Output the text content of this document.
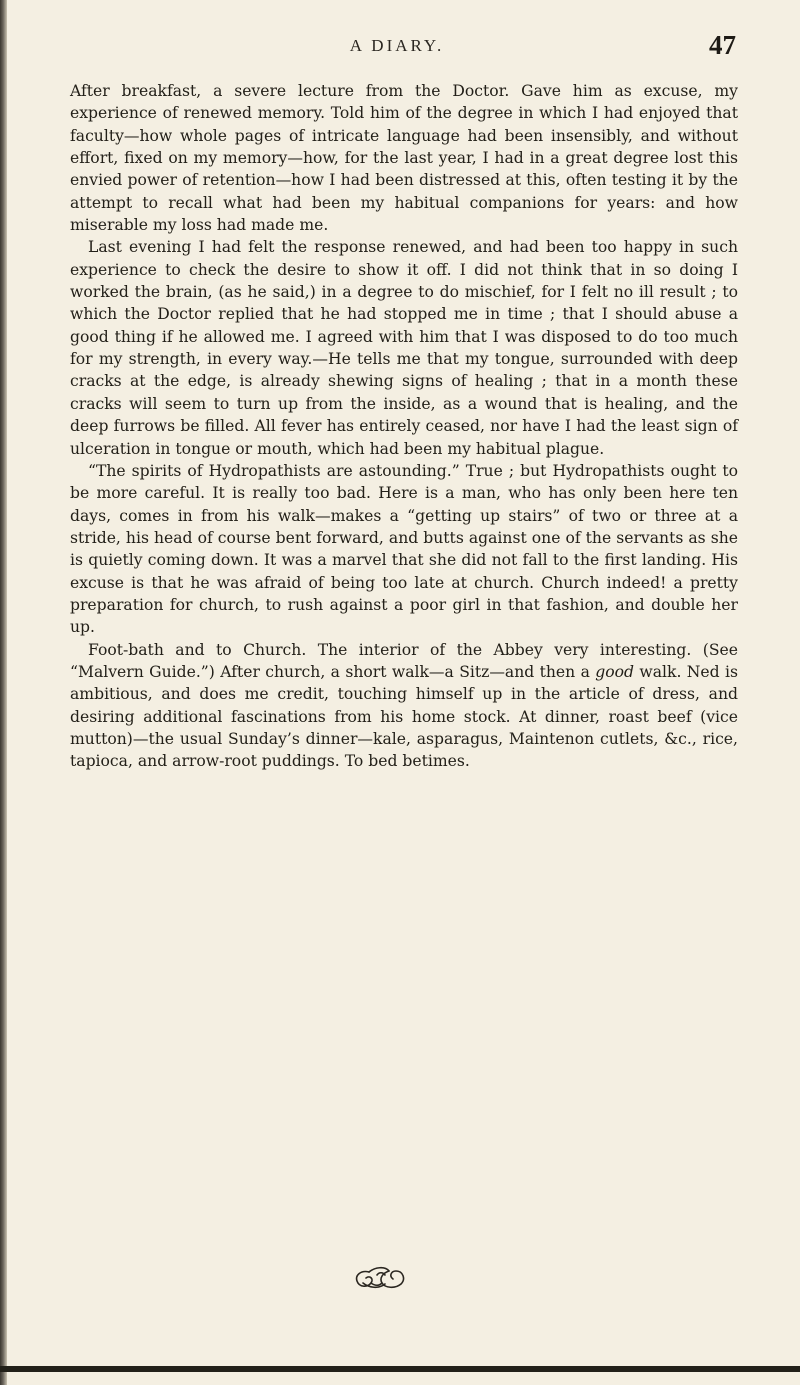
A DIARY.	47

After breakfast, a severe lecture from the Doctor. Gave him as excuse, my experience of renewed memory. Told him of the degree in which I had enjoyed that faculty—how whole pages of intricate language had been insensibly, and without effort, fixed on my memory—how, for the last year, I had in a great degree lost this envied power of retention—how I had been distressed at this, often testing it by the attempt to recall what had been my habitual companions for years: and how miserable my loss had made me.

Last evening I had felt the response renewed, and had been too happy in such experience to check the desire to show it off. I did not think that in so doing I worked the brain, (as he said,) in a degree to do mischief, for I felt no ill result ; to which the Doctor replied that he had stopped me in time ; that I should abuse a good thing if he allowed me. I agreed with him that I was disposed to do too much for my strength, in every way.—He tells me that my tongue, surrounded with deep cracks at the edge, is already shewing signs of healing ; that in a month these cracks will seem to turn up from the inside, as a wound that is healing, and the deep furrows be filled. All fever has entirely ceased, nor have I had the least sign of ulceration in tongue or mouth, which had been my habitual plague.

“The spirits of Hydropathists are astounding.” True ; but Hydropathists ought to be more careful. It is really too bad. Here is a man, who has only been here ten days, comes in from his walk—makes a “getting up stairs” of two or three at a stride, his head of course bent forward, and butts against one of the servants as she is quietly coming down. It was a marvel that she did not fall to the first landing. His excuse is that he was afraid of being too late at church. Church indeed! a pretty preparation for church, to rush against a poor girl in that fashion, and double her up.

Foot-bath and to Church. The interior of the Abbey very interesting. (See “Malvern Guide.”) After church, a short walk—a Sitz—and then a good walk. Ned is ambitious, and does me credit, touching himself up in the article of dress, and desiring additional fascinations from his home stock. At dinner, roast beef (vice mutton)—the usual Sunday’s dinner—kale, asparagus, Maintenon cutlets, &c., rice, tapioca, and arrow-root puddings. To bed betimes.
